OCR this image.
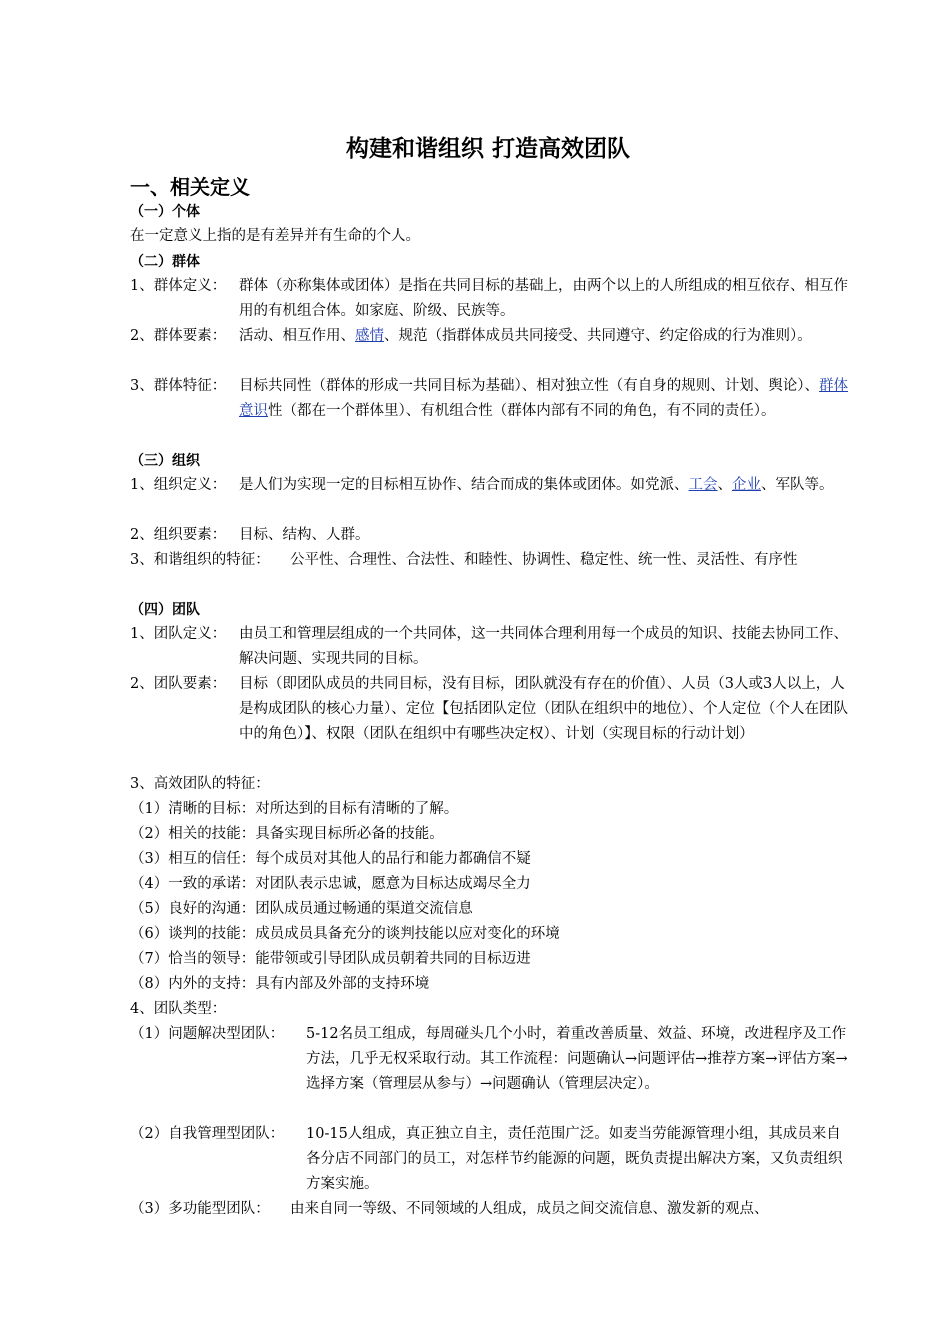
构建和谐组织 打造高效团队
一、相关定义
（一）个体

在一定意义上指的是有差异并有生命的个人。

（二）群体
1、群体定义： 群体（亦称集体或团体）是指在共同目标的基础上，由两个以上的人所组成的相互依存、相互作用的有机组合体。如家庭、阶级、民族等。
2、群体要素： 活动、相互作用、感情、规范（指群体成员共同接受、共同遵守、约定俗成的行为准则）。
3、群体特征： 目标共同性（群体的形成一共同目标为基础）、相对独立性（有自身的规则、计划、舆论）、群体意识性（都在一个群体里）、有机组合性（群体内部有不同的角色，有不同的责任）。
（三）组织
1、组织定义： 是人们为实现一定的目标相互协作、结合而成的集体或团体。如党派、工会、企业、军队等。
2、组织要素： 目标、结构、人群。
3、和谐组织的特征： 公平性、合理性、合法性、和睦性、协调性、稳定性、统一性、灵活性、有序性
（四）团队
1、团队定义： 由员工和管理层组成的一个共同体，这一共同体合理利用每一个成员的知识、技能去协同工作、解决问题、实现共同的目标。
2、团队要素： 目标（即团队成员的共同目标，没有目标，团队就没有存在的价值）、人员（3人或3人以上，人是构成团队的核心力量）、定位【包括团队定位（团队在组织中的地位）、个人定位（个人在团队中的角色）】、权限（团队在组织中有哪些决定权）、计划（实现目标的行动计划）

3、高效团队的特征：

（1）清晰的目标：对所达到的目标有清晰的了解。

（2）相关的技能：具备实现目标所必备的技能。

（3）相互的信任：每个成员对其他人的品行和能力都确信不疑

（4）一致的承诺：对团队表示忠诚，愿意为目标达成竭尽全力

（5）良好的沟通：团队成员通过畅通的渠道交流信息

（6）谈判的技能：成员成员具备充分的谈判技能以应对变化的环境

（7）恰当的领导：能带领或引导团队成员朝着共同的目标迈进

（8）内外的支持：具有内部及外部的支持环境

4、团队类型：

（1）问题解决型团队： 5-12名员工组成，每周碰头几个小时，着重改善质量、效益、环境，改进程序及工作方法，几乎无权采取行动。其工作流程：问题确认→问题评估→推荐方案→评估方案→选择方案（管理层从参与）→问题确认（管理层决定）。
（2）自我管理型团队： 10-15人组成，真正独立自主，责任范围广泛。如麦当劳能源管理小组，其成员来自各分店不同部门的员工，对怎样节约能源的问题，既负责提出解决方案，又负责组织方案实施。
（3）多功能型团队： 由来自同一等级、不同领域的人组成，成员之间交流信息、激发新的观点、
